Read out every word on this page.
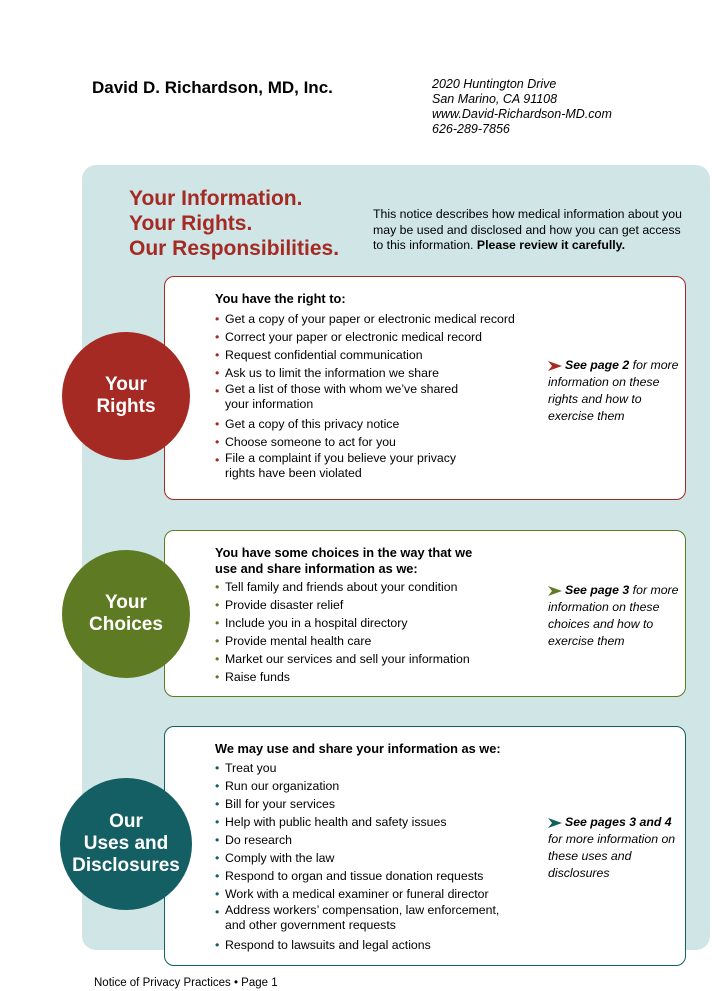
David D. Richardson, MD, Inc.	2020 Huntington Drive
San Marino, CA 91108
www.David-Richardson-MD.com
626-289-7856
Your Information.
Your Rights.
Our Responsibilities.
This notice describes how medical information about you may be used and disclosed and how you can get access to this information. Please review it carefully.
You have the right to:
• Get a copy of your paper or electronic medical record
• Correct your paper or electronic medical record
• Request confidential communication
• Ask us to limit the information we share
• Get a list of those with whom we’ve shared your information
• Get a copy of this privacy notice
• Choose someone to act for you
• File a complaint if you believe your privacy rights have been violated
See page 2 for more information on these rights and how to exercise them
Your
Rights
You have some choices in the way that we use and share information as we:
• Tell family and friends about your condition
• Provide disaster relief
• Include you in a hospital directory
• Provide mental health care
• Market our services and sell your information
• Raise funds
See page 3 for more information on these choices and how to exercise them
Your
Choices
We may use and share your information as we:
• Treat you
• Run our organization
• Bill for your services
• Help with public health and safety issues
• Do research
• Comply with the law
• Respond to organ and tissue donation requests
• Work with a medical examiner or funeral director
• Address workers’ compensation, law enforcement, and other government requests
• Respond to lawsuits and legal actions
See pages 3 and 4 for more information on these uses and disclosures
Our
Uses and
Disclosures
Notice of Privacy Practices • Page 1
